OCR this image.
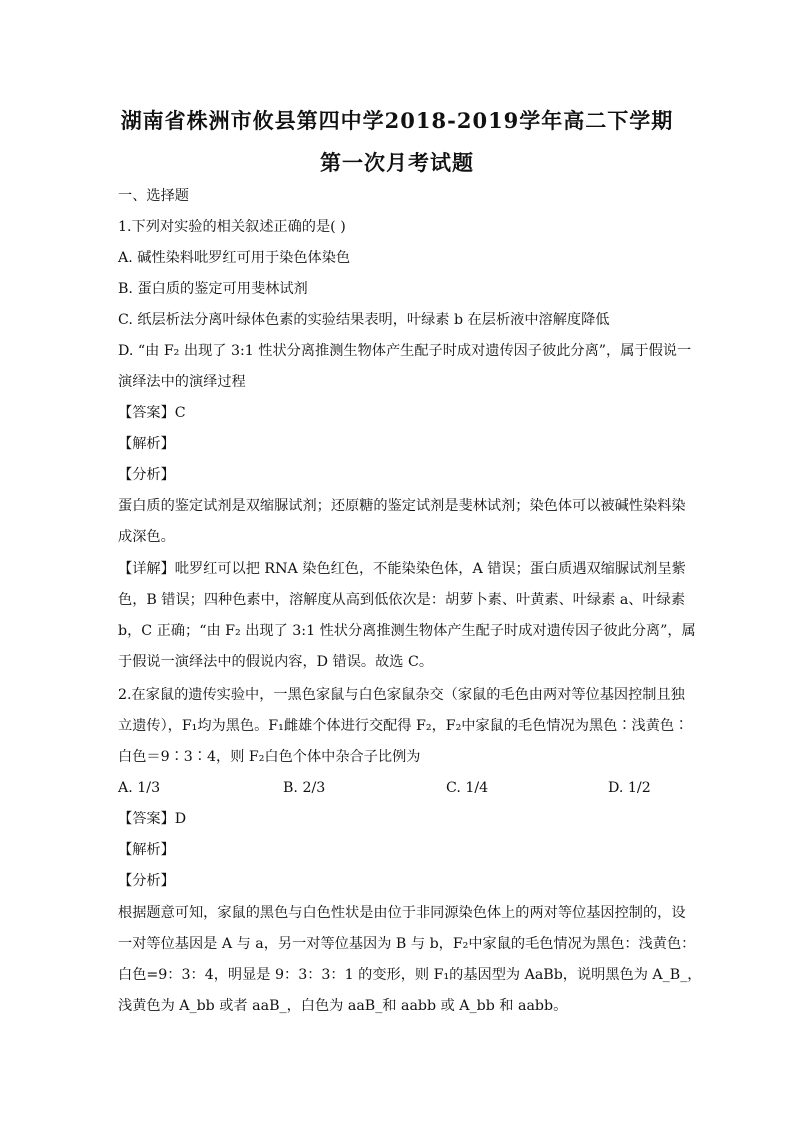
湖南省株洲市攸县第四中学2018-2019学年高二下学期
第一次月考试题
一、选择题
1.下列对实验的相关叙述正确的是( )
A. 碱性染料吡罗红可用于染色体染色
B. 蛋白质的鉴定可用斐林试剂
C. 纸层析法分离叶绿体色素的实验结果表明，叶绿素 b 在层析液中溶解度降低
D. “由 F₂ 出现了 3:1 性状分离推测生物体产生配子时成对遗传因子彼此分离”，属于假说一
演绎法中的演绎过程
【答案】C
【解析】
【分析】
蛋白质的鉴定试剂是双缩脲试剂；还原糖的鉴定试剂是斐林试剂；染色体可以被碱性染料染
成深色。
【详解】吡罗红可以把 RNA 染色红色，不能染染色体，A 错误；蛋白质遇双缩脲试剂呈紫
色，B 错误；四种色素中，溶解度从高到低依次是：胡萝卜素、叶黄素、叶绿素 a、叶绿素
b，C 正确；“由 F₂ 出现了 3:1 性状分离推测生物体产生配子时成对遗传因子彼此分离”，属
于假说一演绎法中的假说内容，D 错误。故选 C。
2.在家鼠的遗传实验中，一黑色家鼠与白色家鼠杂交（家鼠的毛色由两对等位基因控制且独
立遗传），F₁均为黑色。F₁雌雄个体进行交配得 F₂，F₂中家鼠的毛色情况为黑色∶浅黄色∶
白色＝9∶3∶4，则 F₂白色个体中杂合子比例为
A. 1/3	B. 2/3	C. 1/4	D. 1/2
【答案】D
【解析】
【分析】
根据题意可知，家鼠的黑色与白色性状是由位于非同源染色体上的两对等位基因控制的，设
一对等位基因是 A 与 a，另一对等位基因为 B 与 b，F₂中家鼠的毛色情况为黑色：浅黄色：
白色=9：3：4，明显是 9：3：3：1 的变形，则 F₁的基因型为 AaBb，说明黑色为 A_B_，
浅黄色为 A_bb 或者 aaB_，白色为 aaB_和 aabb 或 A_bb 和 aabb。
